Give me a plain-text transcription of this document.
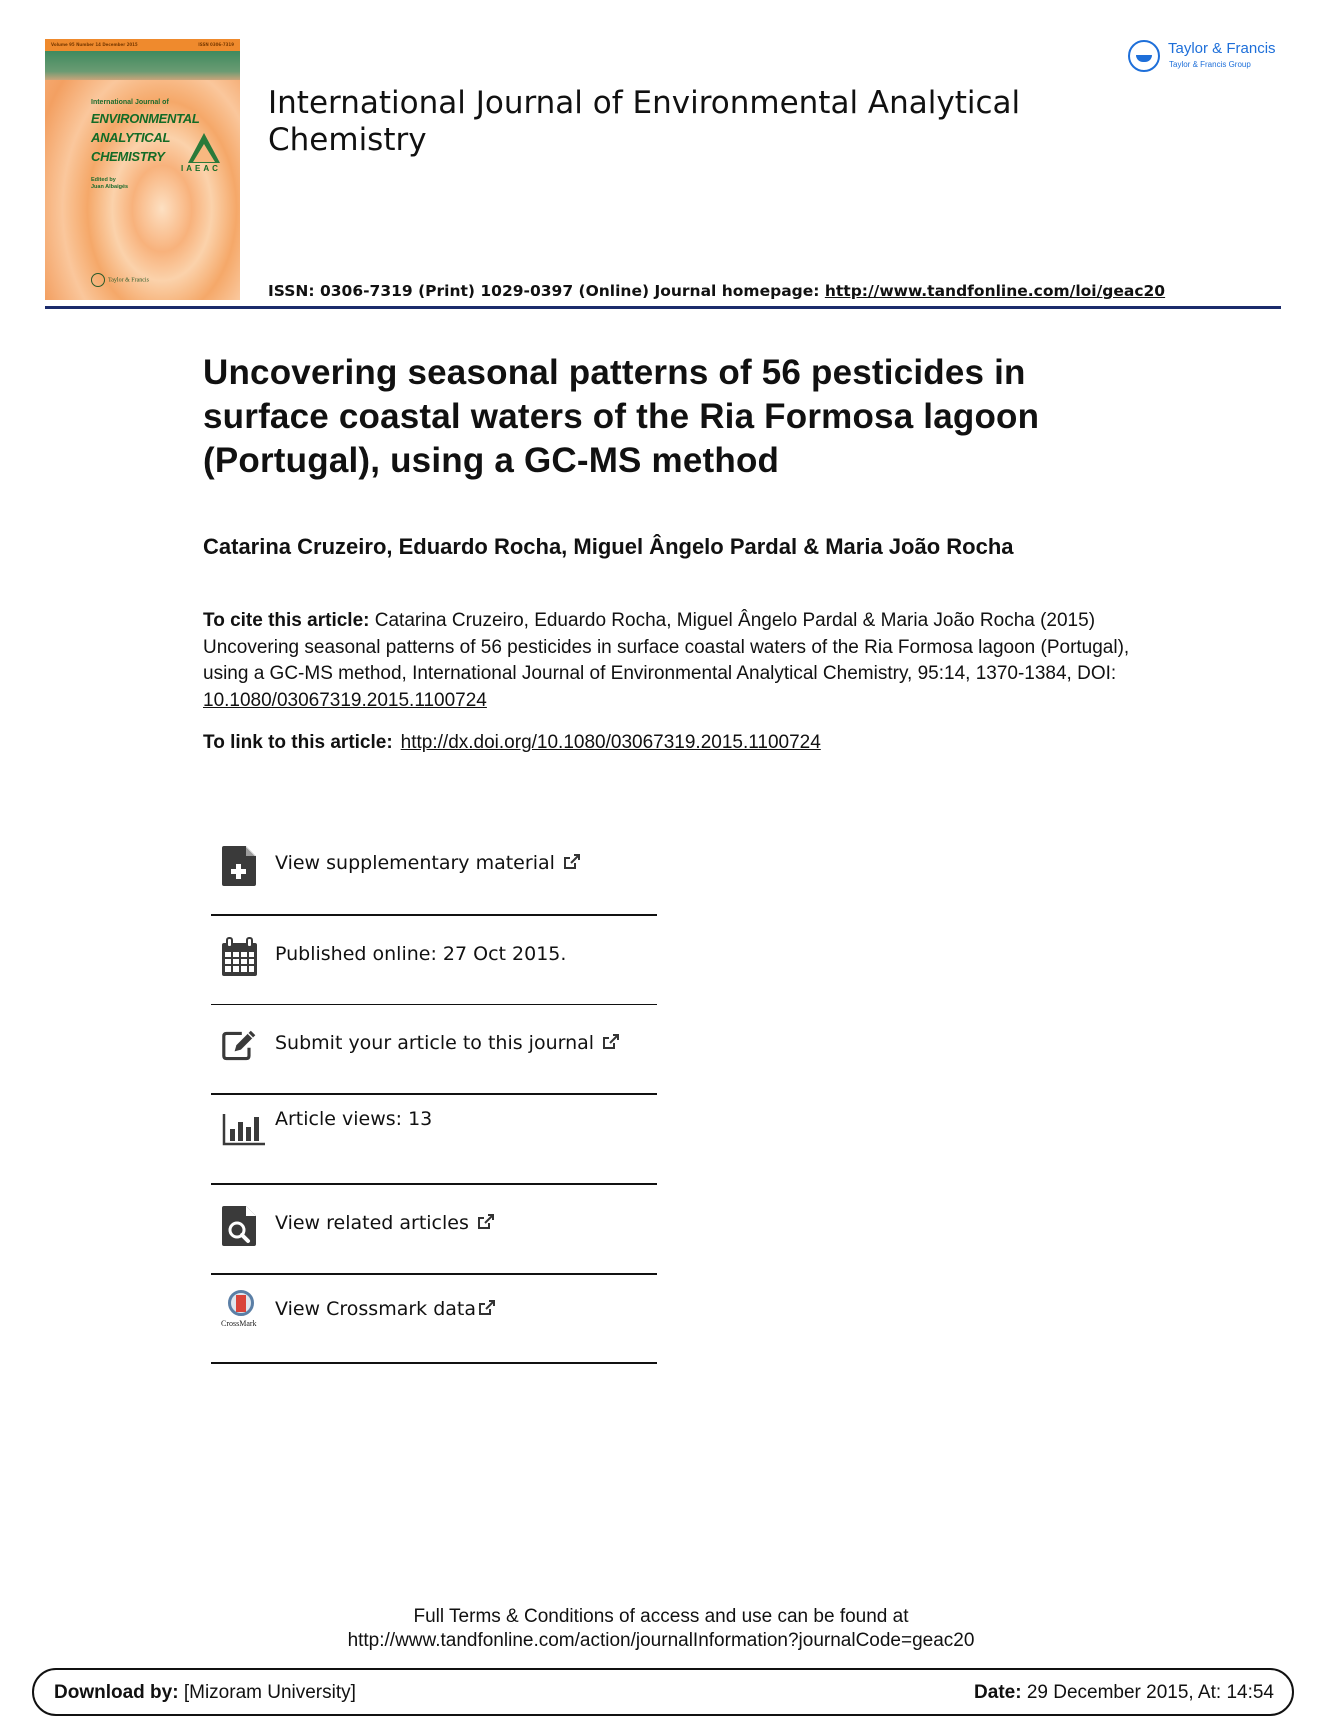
Volume 95 Number 14 December 2015	ISSN 0306-7319
International Journal of
ENVIRONMENTAL
ANALYTICAL
CHEMISTRY
IAEAC
Edited by
Juan Albaigés
Taylor & Francis
International Journal of Environmental Analytical Chemistry
Taylor & Francis
Taylor & Francis Group
ISSN: 0306-7319 (Print) 1029-0397 (Online) Journal homepage: http://www.tandfonline.com/loi/geac20
Uncovering seasonal patterns of 56 pesticides in surface coastal waters of the Ria Formosa lagoon (Portugal), using a GC-MS method
Catarina Cruzeiro, Eduardo Rocha, Miguel Ângelo Pardal & Maria João Rocha
To cite this article: Catarina Cruzeiro, Eduardo Rocha, Miguel Ângelo Pardal & Maria João Rocha (2015) Uncovering seasonal patterns of 56 pesticides in surface coastal waters of the Ria Formosa lagoon (Portugal), using a GC-MS method, International Journal of Environmental Analytical Chemistry, 95:14, 1370-1384, DOI: 10.1080/03067319.2015.1100724
To link to this article: http://dx.doi.org/10.1080/03067319.2015.1100724
View supplementary material
Published online: 27 Oct 2015.
Submit your article to this journal
Article views: 13
View related articles
CrossMark
View Crossmark data
Full Terms & Conditions of access and use can be found at
http://www.tandfonline.com/action/journalInformation?journalCode=geac20
Download by: [Mizoram University]	Date: 29 December 2015, At: 14:54
